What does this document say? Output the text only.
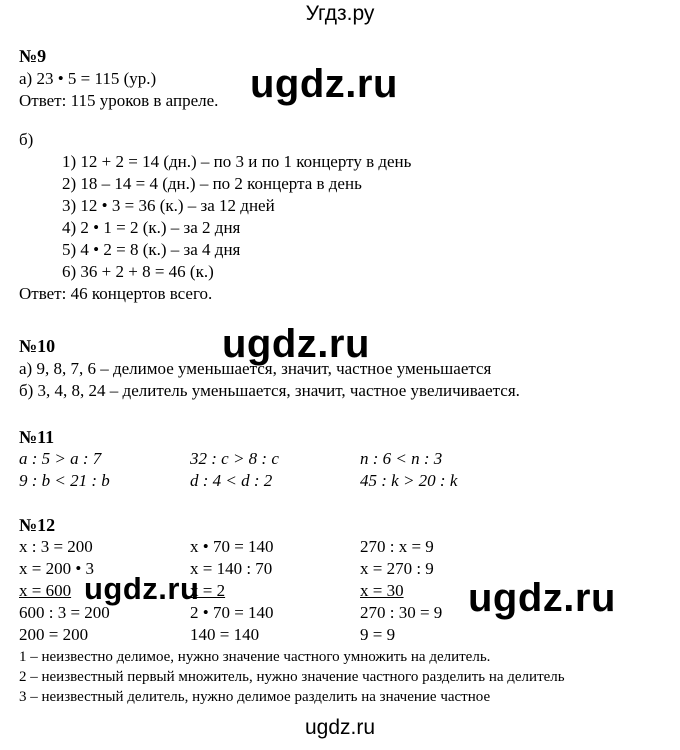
Угдз.ру
№9
а) 23 • 5 = 115 (ур.)
Ответ: 115 уроков в апреле.
б)
1) 12 + 2 = 14 (дн.) – по 3 и по 1 концерту в день
2) 18 – 14 = 4 (дн.) – по 2 концерта в день
3) 12 • 3 = 36 (к.) – за 12 дней
4) 2 • 1 = 2 (к.) – за 2 дня
5) 4 • 2 = 8 (к.) – за 4 дня
6) 36 + 2 + 8 = 46 (к.)
Ответ: 46 концертов всего.
№10
а) 9, 8, 7, 6 – делимое уменьшается, значит, частное уменьшается
б) 3, 4, 8, 24 – делитель уменьшается, значит, частное увеличивается.
№11
a : 5 > a : 7	32 : c > 8 : c	n : 6 < n : 3
9 : b < 21 : b	d : 4 < d : 2	45 : k > 20 : k
№12
x : 3 = 200	x • 70 = 140	270 : x = 9
x = 200 • 3	x = 140 : 70	x = 270 : 9
x = 600	x = 2	x = 30
600 : 3 = 200	2 • 70 = 140	270 : 30 = 9
200 = 200	140 = 140	9 = 9
1 – неизвестно делимое, нужно значение частного умножить на делитель.
2 – неизвестный первый множитель, нужно значение частного разделить на делитель
3 – неизвестный делитель, нужно делимое разделить на значение частное
ugdz.ru
ugdz.ru
ugdz.ru	ugdz.ru
ugdz.ru
